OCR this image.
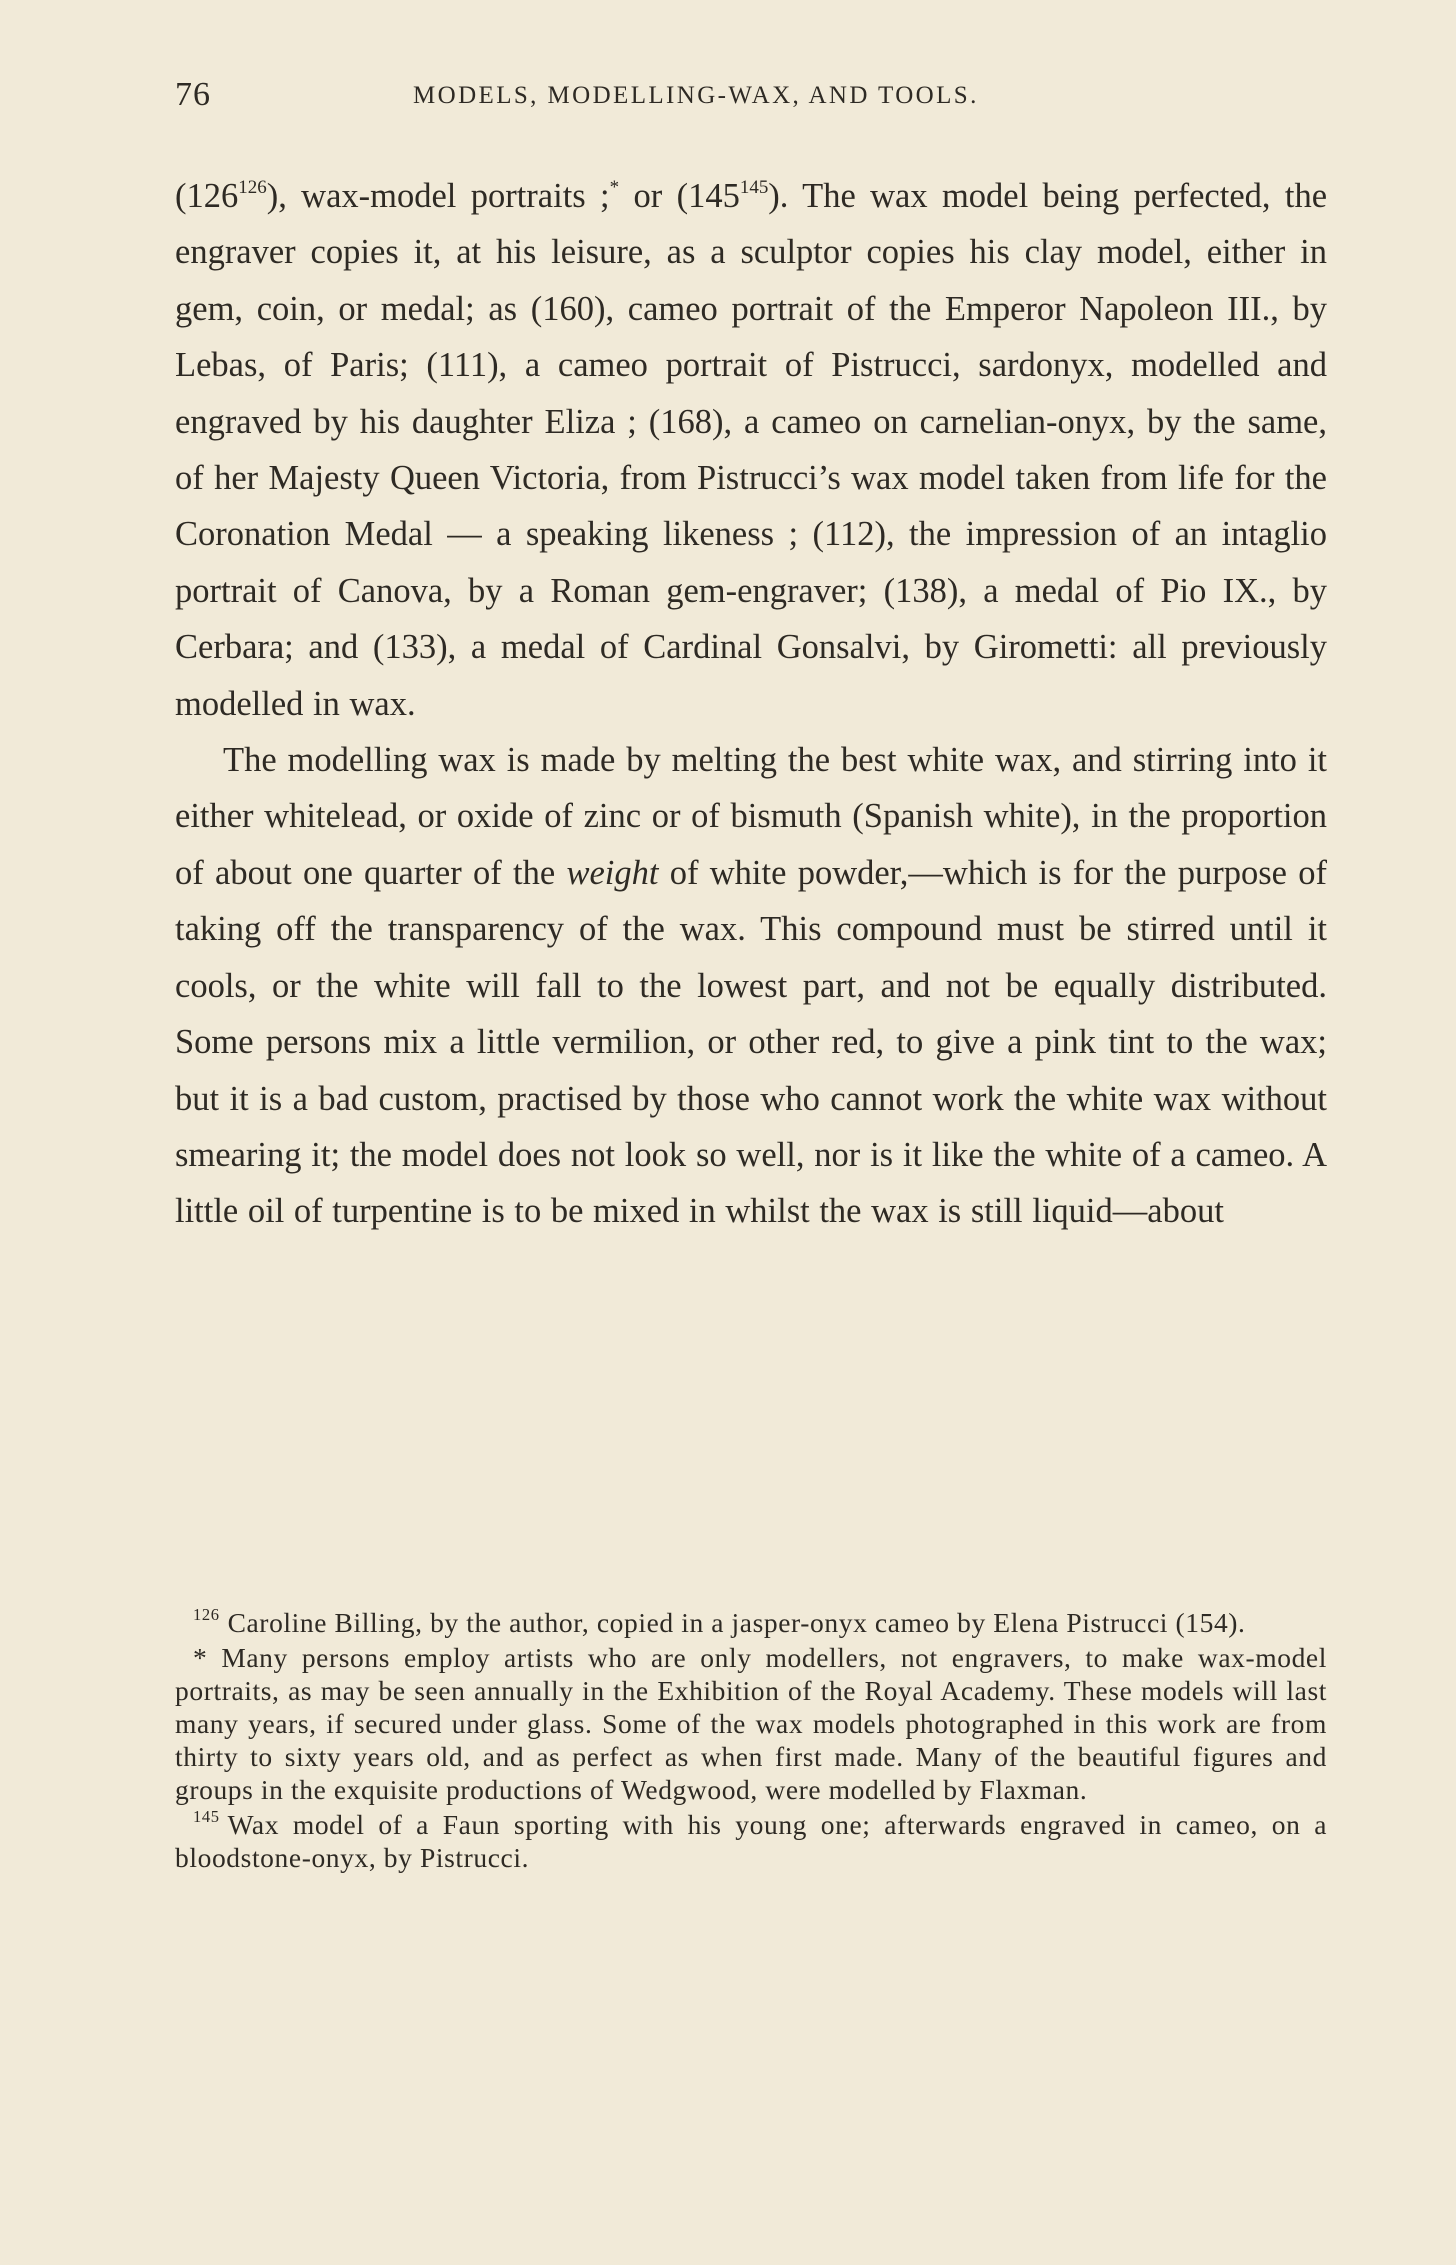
76	MODELS, MODELLING-WAX, AND TOOLS.

$(126^{126})$, wax-model portraits ;* or $(145^{145})$. The wax model being perfected, the engraver copies it, at his leisure, as a sculptor copies his clay model, either in gem, coin, or medal; as (160), cameo portrait of the Emperor Napoleon III., by Lebas, of Paris; (111), a cameo portrait of Pistrucci, sardonyx, modelled and engraved by his daughter Eliza ; (168), a cameo on carnelian-onyx, by the same, of her Majesty Queen Victoria, from Pistrucci’s wax model taken from life for the Coronation Medal — a speaking likeness ; (112), the impression of an intaglio portrait of Canova, by a Roman gem-engraver; (138), a medal of Pio IX., by Cerbara; and (133), a medal of Cardinal Gonsalvi, by Girometti: all previously modelled in wax.

The modelling wax is made by melting the best white wax, and stirring into it either whitelead, or oxide of zinc or of bismuth (Spanish white), in the proportion of about one quarter of the weight of white powder,—which is for the purpose of taking off the transparency of the wax. This compound must be stirred until it cools, or the white will fall to the lowest part, and not be equally distributed. Some persons mix a little vermilion, or other red, to give a pink tint to the wax; but it is a bad custom, practised by those who cannot work the white wax without smearing it; the model does not look so well, nor is it like the white of a cameo. A little oil of turpentine is to be mixed in whilst the wax is still liquid—about

$^{126}$ Caroline Billing, by the author, copied in a jasper-onyx cameo by Elena Pistrucci (154).

* Many persons employ artists who are only modellers, not engravers, to make wax-model portraits, as may be seen annually in the Exhibition of the Royal Academy. These models will last many years, if secured under glass. Some of the wax models photographed in this work are from thirty to sixty years old, and as perfect as when first made. Many of the beautiful figures and groups in the exquisite productions of Wedgwood, were modelled by Flaxman.

$^{145}$ Wax model of a Faun sporting with his young one; afterwards engraved in cameo, on a bloodstone-onyx, by Pistrucci.
